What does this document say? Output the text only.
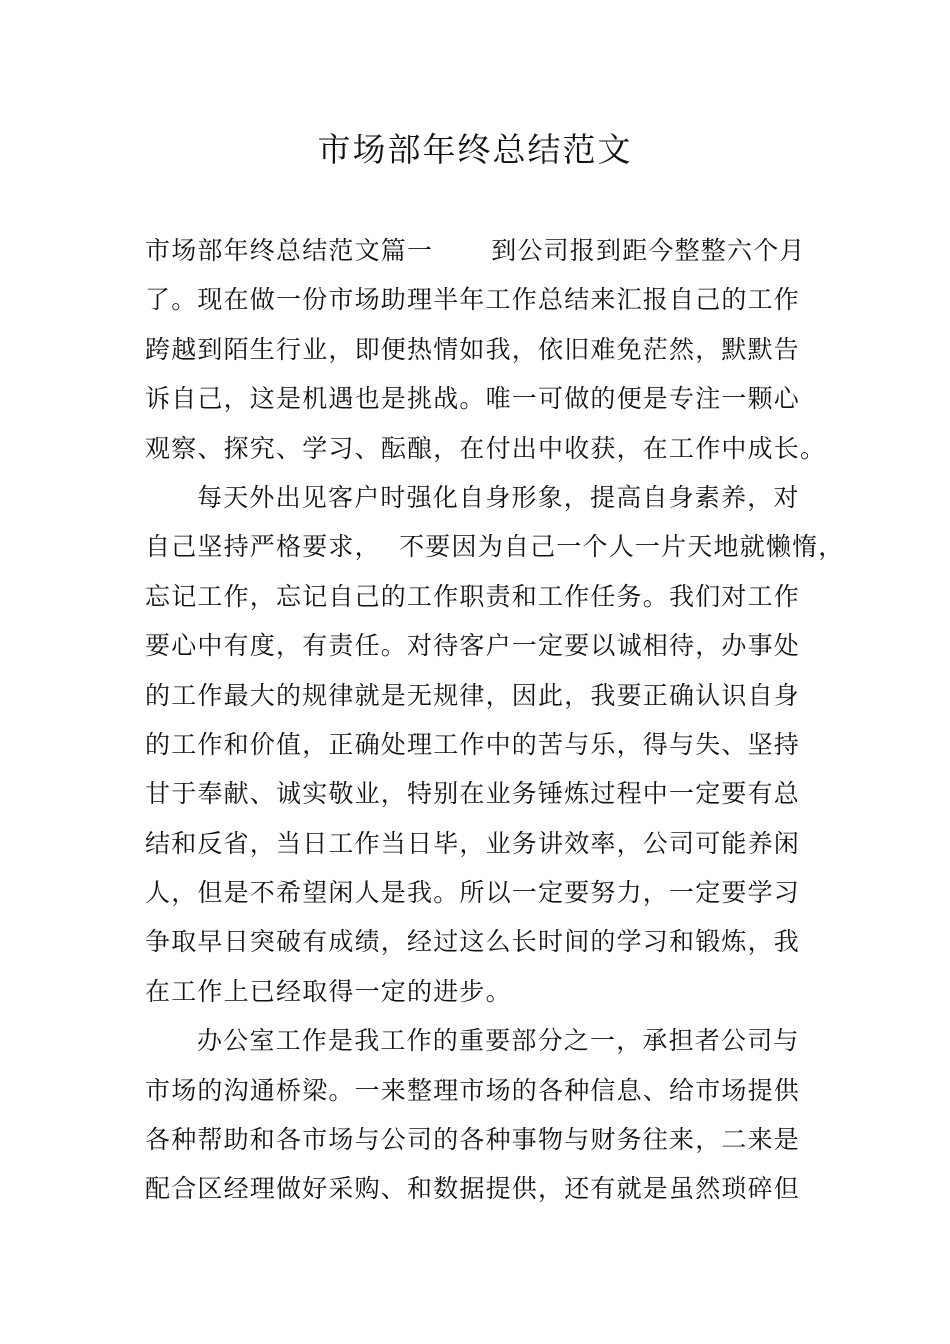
市场部年终总结范文
市场部年终总结范文篇一 到公司报到距今整整六个月
了。现在做一份市场助理半年工作总结来汇报自己的工作
跨越到陌生行业，即便热情如我，依旧难免茫然，默默告
诉自己，这是机遇也是挑战。唯一可做的便是专注一颗心
观察、探究、学习、酝酿，在付出中收获，在工作中成长。
每天外出见客户时强化自身形象，提高自身素养，对
自己坚持严格要求，  不要因为自己一个人一片天地就懒惰，
忘记工作，忘记自己的工作职责和工作任务。我们对工作
要心中有度，有责任。对待客户一定要以诚相待，办事处
的工作最大的规律就是无规律，因此，我要正确认识自身
的工作和价值，正确处理工作中的苦与乐，得与失、坚持
甘于奉献、诚实敬业，特别在业务锤炼过程中一定要有总
结和反省，当日工作当日毕，业务讲效率，公司可能养闲
人，但是不希望闲人是我。所以一定要努力，一定要学习
争取早日突破有成绩，经过这么长时间的学习和锻炼，我
在工作上已经取得一定的进步。
办公室工作是我工作的重要部分之一，承担者公司与
市场的沟通桥梁。一来整理市场的各种信息、给市场提供
各种帮助和各市场与公司的各种事物与财务往来，二来是
配合区经理做好采购、和数据提供，还有就是虽然琐碎但
